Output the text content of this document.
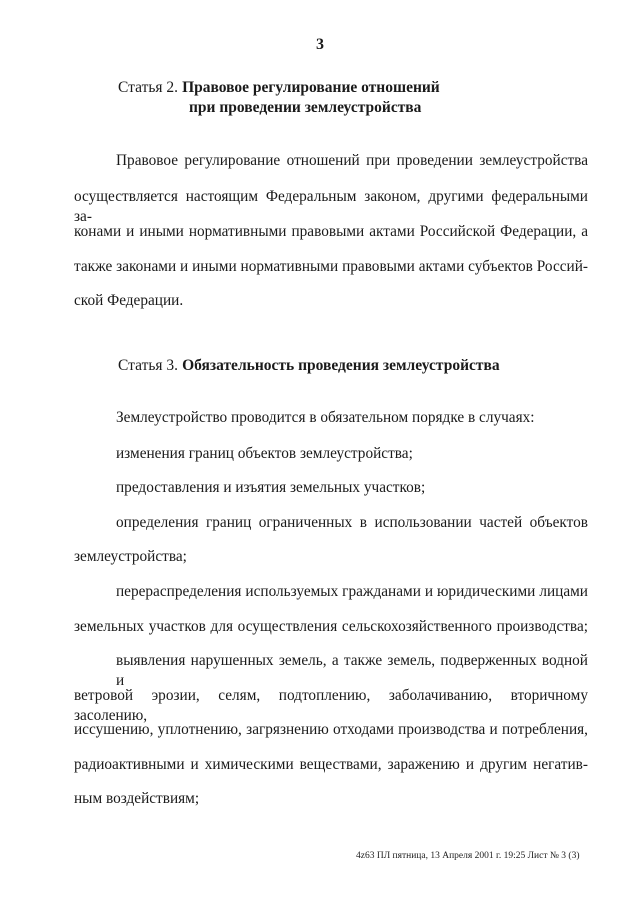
3
Статья 2. Правовое регулирование отношений
при проведении землеустройства
Правовое регулирование отношений при проведении землеустройства
осуществляется настоящим Федеральным законом, другими федеральными за-
конами и иными нормативными правовыми актами Российской Федерации, а
также законами и иными нормативными правовыми актами субъектов Россий-
ской Федерации.
Статья 3. Обязательность проведения землеустройства
Землеустройство проводится в обязательном порядке в случаях:
изменения границ объектов землеустройства;
предоставления и изъятия земельных участков;
определения границ ограниченных в использовании частей объектов
землеустройства;
перераспределения используемых гражданами и юридическими лицами
земельных участков для осуществления сельскохозяйственного производства;
выявления нарушенных земель, а также земель, подверженных водной и
ветровой эрозии, селям, подтоплению, заболачиванию, вторичному засолению,
иссушению, уплотнению, загрязнению отходами производства и потребления,
радиоактивными и химическими веществами, заражению и другим негатив-
ным воздействиям;
4z63 ПЛ пятница, 13 Апреля 2001 г. 19:25 Лист № 3 (3)
